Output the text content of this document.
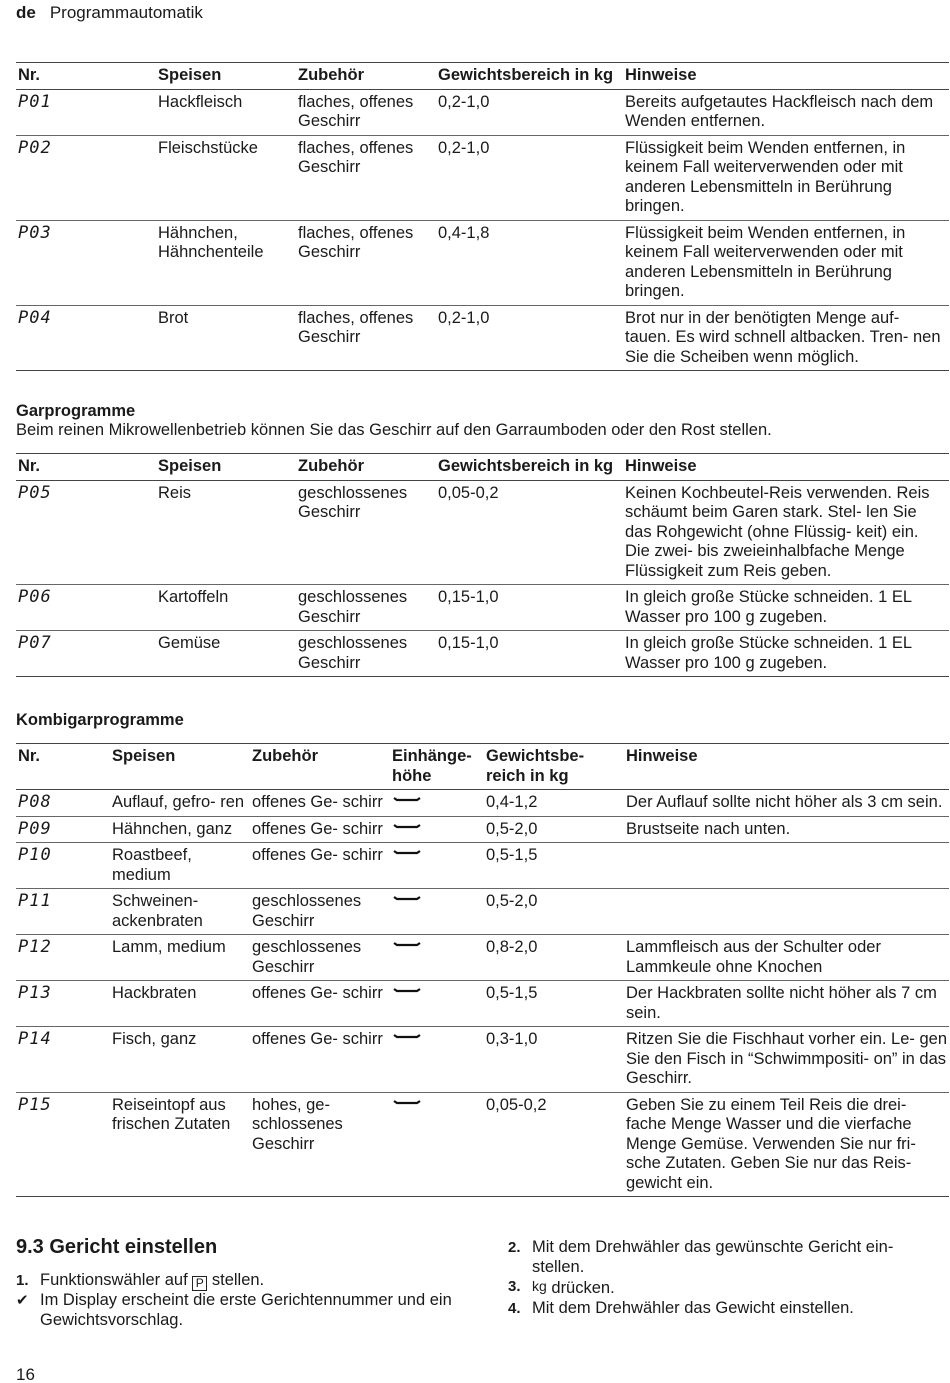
de Programmautomatik
Nr.	Speisen	Zubehör	Gewichtsbereich in kg	Hinweise
P01	Hackfleisch	flaches, offenes Geschirr	0,2-1,0	Bereits aufgetautes Hackfleisch nach dem Wenden entfernen.
P02	Fleischstücke	flaches, offenes Geschirr	0,2-1,0	Flüssigkeit beim Wenden entfernen, in keinem Fall weiterverwenden oder mit anderen Lebensmitteln in Berührung bringen.
P03	Hähnchen, Hähnchenteile	flaches, offenes Geschirr	0,4-1,8	Flüssigkeit beim Wenden entfernen, in keinem Fall weiterverwenden oder mit anderen Lebensmitteln in Berührung bringen.
P04	Brot	flaches, offenes Geschirr	0,2-1,0	Brot nur in der benötigten Menge auf- tauen. Es wird schnell altbacken. Tren- nen Sie die Scheiben wenn möglich.
Garprogramme
Beim reinen Mikrowellenbetrieb können Sie das Geschirr auf den Garraumboden oder den Rost stellen.
Nr.	Speisen	Zubehör	Gewichtsbereich in kg	Hinweise
P05	Reis	geschlossenes Geschirr	0,05-0,2	Keinen Kochbeutel-Reis verwenden. Reis schäumt beim Garen stark. Stel- len Sie das Rohgewicht (ohne Flüssig- keit) ein. Die zwei- bis zweieinhalbfache Menge Flüssigkeit zum Reis geben.
P06	Kartoffeln	geschlossenes Geschirr	0,15-1,0	In gleich große Stücke schneiden. 1 EL Wasser pro 100 g zugeben.
P07	Gemüse	geschlossenes Geschirr	0,15-1,0	In gleich große Stücke schneiden. 1 EL Wasser pro 100 g zugeben.
Kombigarprogramme
Nr.	Speisen	Zubehör	Einhänge- höhe	Gewichtsbe- reich in kg	Hinweise
P08	Auflauf, gefro- ren	offenes Ge- schirr		0,4-1,2	Der Auflauf sollte nicht höher als 3 cm sein.
P09	Hähnchen, ganz	offenes Ge- schirr		0,5-2,0	Brustseite nach unten.
P10	Roastbeef, medium	offenes Ge- schirr		0,5-1,5	
P11	Schweinen- ackenbraten	geschlossenes Geschirr		0,5-2,0	
P12	Lamm, medium	geschlossenes Geschirr		0,8-2,0	Lammfleisch aus der Schulter oder Lammkeule ohne Knochen
P13	Hackbraten	offenes Ge- schirr		0,5-1,5	Der Hackbraten sollte nicht höher als 7 cm sein.
P14	Fisch, ganz	offenes Ge- schirr		0,3-1,0	Ritzen Sie die Fischhaut vorher ein. Le- gen Sie den Fisch in “Schwimmpositi- on” in das Geschirr.
P15	Reiseintopf aus frischen Zutaten	hohes, ge- schlossenes Geschirr		0,05-0,2	Geben Sie zu einem Teil Reis die drei- fache Menge Wasser und die vierfache Menge Gemüse. Verwenden Sie nur fri- sche Zutaten. Geben Sie nur das Reis- gewicht ein.
9.3 Gericht einstellen
1. Funktionswähler auf P stellen.
✔ Im Display erscheint die erste Gerichtennummer und ein Gewichtsvorschlag.
2. Mit dem Drehwähler das gewünschte Gericht ein- stellen.
3. kg drücken.
4. Mit dem Drehwähler das Gewicht einstellen.
16
